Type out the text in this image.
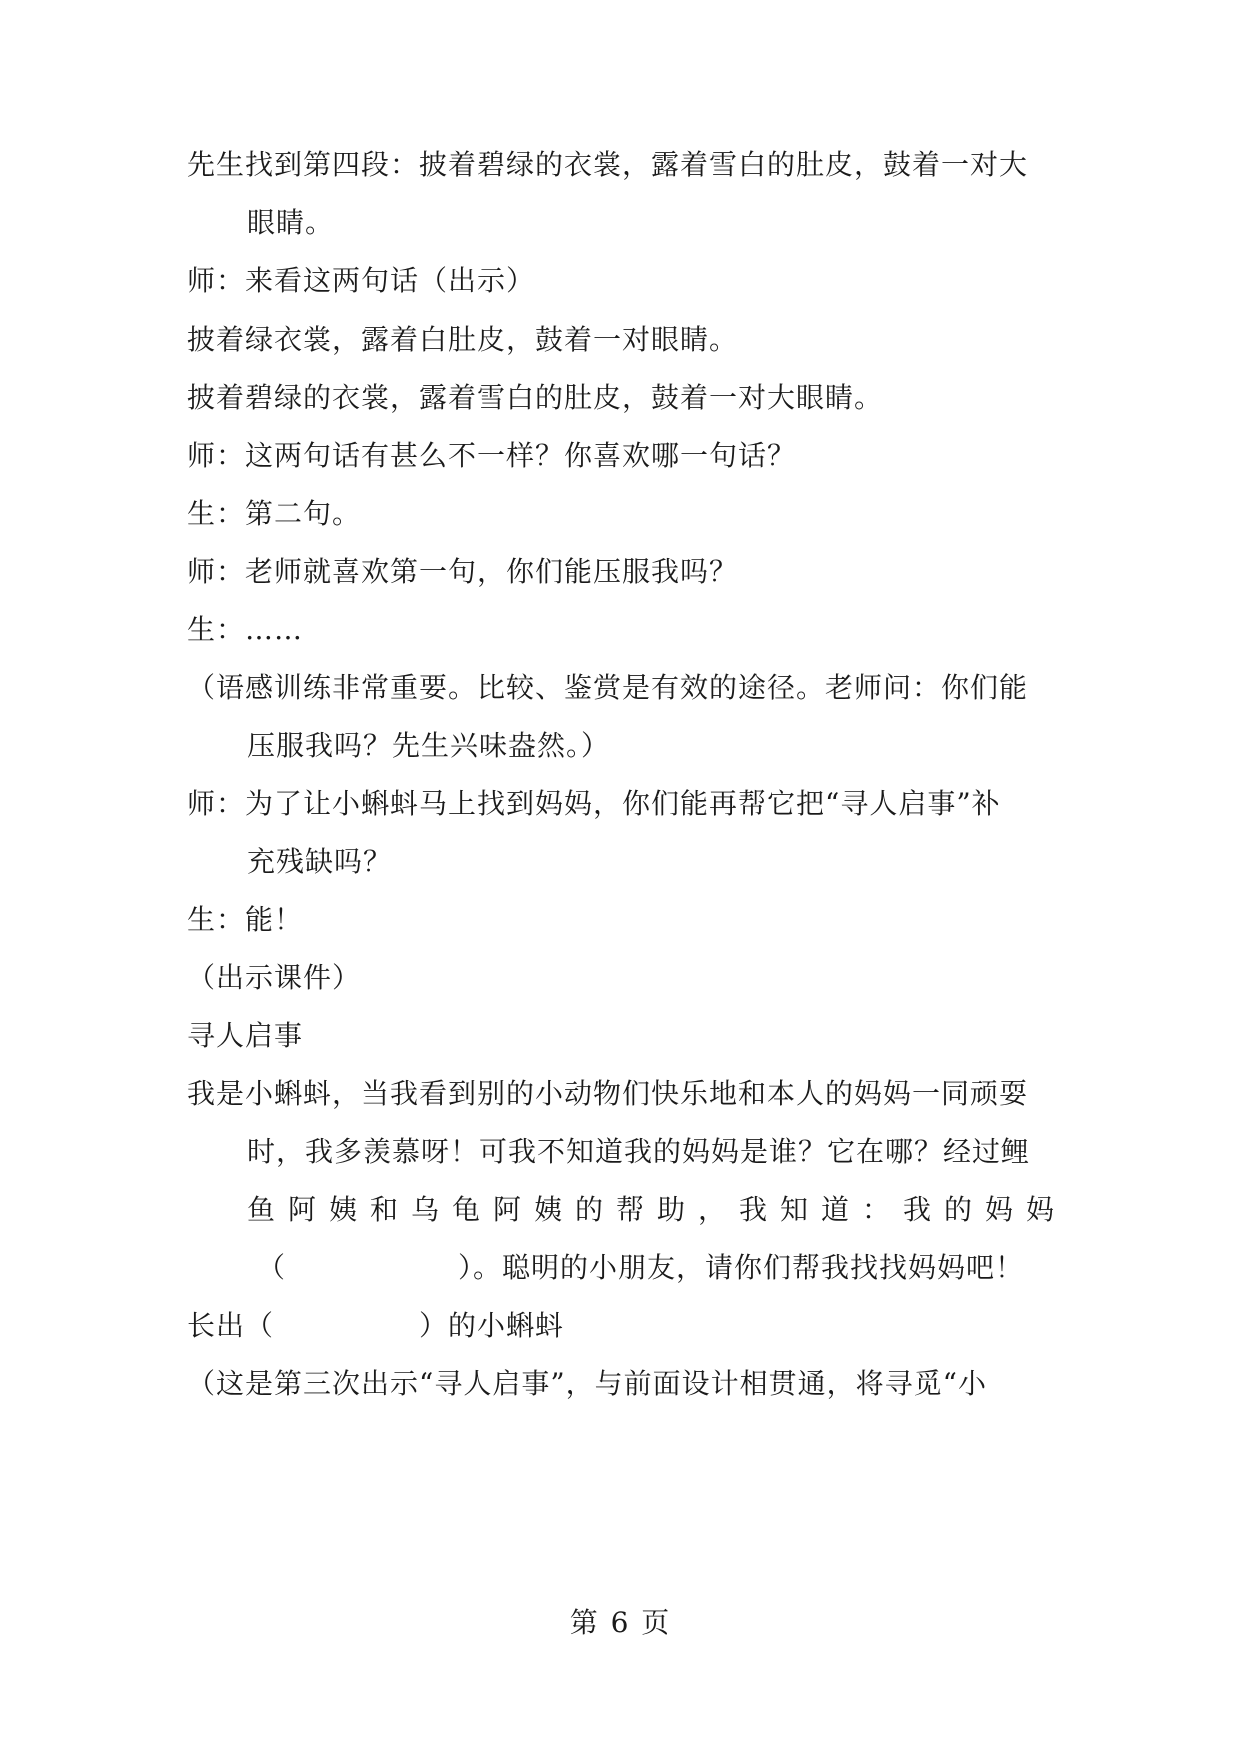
先生找到第四段：披着碧绿的衣裳，露着雪白的肚皮，鼓着一对大
眼睛。
师：来看这两句话（出示）
披着绿衣裳，露着白肚皮，鼓着一对眼睛。
披着碧绿的衣裳，露着雪白的肚皮，鼓着一对大眼睛。
师：这两句话有甚么不一样？你喜欢哪一句话？
生：第二句。
师：老师就喜欢第一句，你们能压服我吗？
生：……
（语感训练非常重要。比较、鉴赏是有效的途径。老师问：你们能
压服我吗？先生兴味盎然。）
师：为了让小蝌蚪马上找到妈妈，你们能再帮它把“寻人启事”补
充残缺吗？
生：能！
（出示课件）
寻人启事
我是小蝌蚪，当我看到别的小动物们快乐地和本人的妈妈一同顽耍
时，我多羡慕呀！可我不知道我的妈妈是谁？它在哪？经过鲤
鱼阿姨和乌龟阿姨的帮助，我知道：我的妈妈
（	）。聪明的小朋友，请你们帮我找找妈妈吧！
长出（	）的小蝌蚪
（这是第三次出示“寻人启事”，与前面设计相贯通，将寻觅“小
第 6 页
